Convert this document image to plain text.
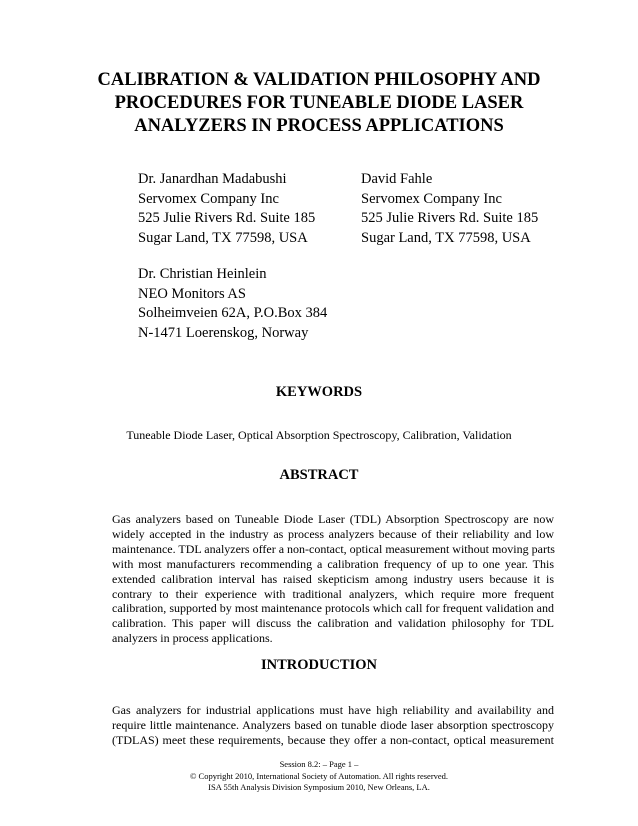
CALIBRATION & VALIDATION PHILOSOPHY AND
PROCEDURES FOR TUNEABLE DIODE LASER
ANALYZERS IN PROCESS APPLICATIONS
Dr. Janardhan Madabushi
Servomex Company Inc
525 Julie Rivers Rd. Suite 185
Sugar Land, TX 77598, USA
David Fahle
Servomex Company Inc
525 Julie Rivers Rd. Suite 185
Sugar Land, TX 77598, USA
Dr. Christian Heinlein
NEO Monitors AS
Solheimveien 62A, P.O.Box 384
N-1471 Loerenskog, Norway
KEYWORDS
Tuneable Diode Laser, Optical Absorption Spectroscopy, Calibration, Validation
ABSTRACT
Gas analyzers based on Tuneable Diode Laser (TDL) Absorption Spectroscopy are now
widely accepted in the industry as process analyzers because of their reliability and low
maintenance. TDL analyzers offer a non-contact, optical measurement without moving parts
with most manufacturers recommending a calibration frequency of up to one year. This
extended calibration interval has raised skepticism among industry users because it is
contrary to their experience with traditional analyzers, which require more frequent
calibration, supported by most maintenance protocols which call for frequent validation and
calibration. This paper will discuss the calibration and validation philosophy for TDL
analyzers in process applications.
INTRODUCTION
Gas analyzers for industrial applications must have high reliability and availability and
require little maintenance. Analyzers based on tunable diode laser absorption spectroscopy
(TDLAS) meet these requirements, because they offer a non-contact, optical measurement
Session 8.2: – Page 1 –
© Copyright 2010, International Society of Automation. All rights reserved.
ISA 55th Analysis Division Symposium 2010, New Orleans, LA.
